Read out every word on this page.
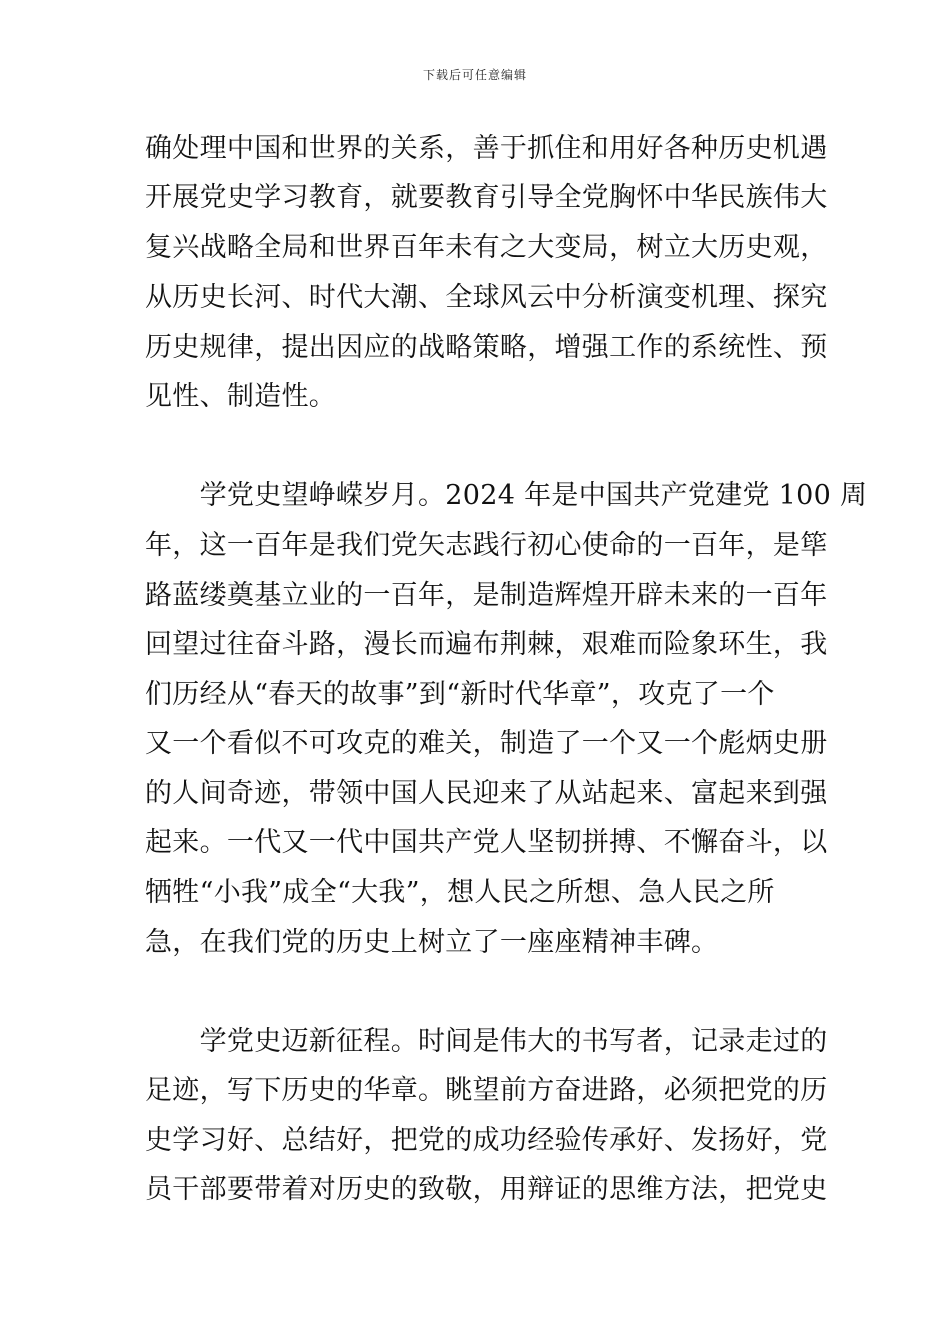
下载后可任意编辑
确处理中国和世界的关系，善于抓住和用好各种历史机遇
开展党史学习教育，就要教育引导全党胸怀中华民族伟大
复兴战略全局和世界百年未有之大变局，树立大历史观，
从历史长河、时代大潮、全球风云中分析演变机理、探究
历史规律，提出因应的战略策略，增强工作的系统性、预
见性、制造性。
　　学党史望峥嵘岁月。2024 年是中国共产党建党 100 周
年，这一百年是我们党矢志践行初心使命的一百年，是筚
路蓝缕奠基立业的一百年，是制造辉煌开辟未来的一百年
回望过往奋斗路，漫长而遍布荆棘，艰难而险象环生，我
们历经从“春天的故事”到“新时代华章”，攻克了一个
又一个看似不可攻克的难关，制造了一个又一个彪炳史册
的人间奇迹，带领中国人民迎来了从站起来、富起来到强
起来。一代又一代中国共产党人坚韧拼搏、不懈奋斗，以
牺牲“小我”成全“大我”，想人民之所想、急人民之所
急，在我们党的历史上树立了一座座精神丰碑。
　　学党史迈新征程。时间是伟大的书写者，记录走过的
足迹，写下历史的华章。眺望前方奋进路，必须把党的历
史学习好、总结好，把党的成功经验传承好、发扬好，党
员干部要带着对历史的致敬，用辩证的思维方法，把党史
